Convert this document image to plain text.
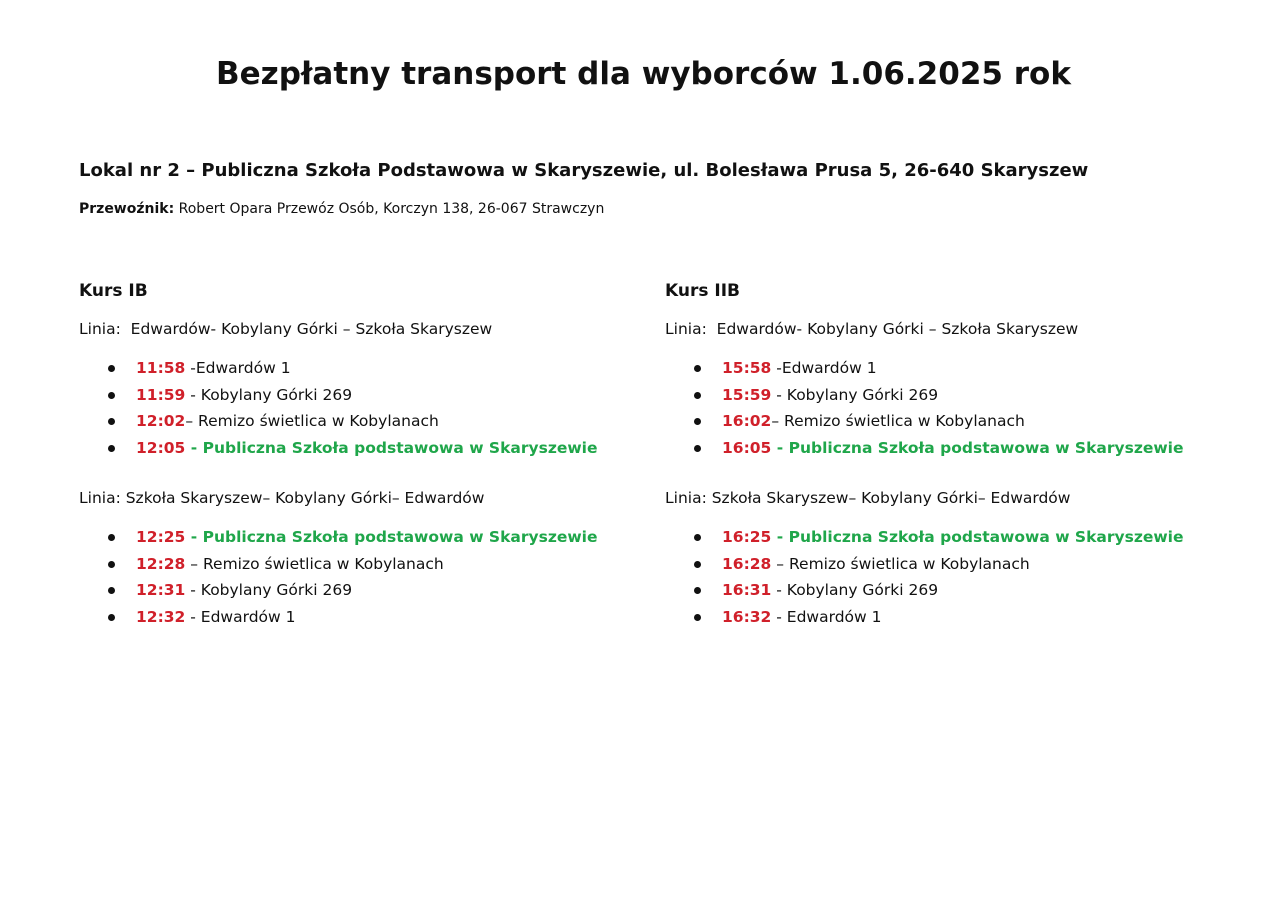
Bezpłatny transport dla wyborców 1.06.2025 rok
Lokal nr 2 – Publiczna Szkoła Podstawowa w Skaryszewie, ul. Bolesława Prusa 5, 26-640 Skaryszew

Przewoźnik: Robert Opara Przewóz Osób, Korczyn 138, 26-067 Strawczyn

Kurs IB

Linia:  Edwardów- Kobylany Górki – Szkoła Skaryszew

11:58 -Edwardów 1
11:59 - Kobylany Górki 269
12:02– Remizo świetlica w Kobylanach
12:05 - Publiczna Szkoła podstawowa w Skaryszewie

Linia: Szkoła Skaryszew– Kobylany Górki– Edwardów

12:25 - Publiczna Szkoła podstawowa w Skaryszewie
12:28 – Remizo świetlica w Kobylanach
12:31 - Kobylany Górki 269
12:32 - Edwardów 1
Kurs IIB

Linia:  Edwardów- Kobylany Górki – Szkoła Skaryszew

15:58 -Edwardów 1
15:59 - Kobylany Górki 269
16:02– Remizo świetlica w Kobylanach
16:05 - Publiczna Szkoła podstawowa w Skaryszewie

Linia: Szkoła Skaryszew– Kobylany Górki– Edwardów

16:25 - Publiczna Szkoła podstawowa w Skaryszewie
16:28 – Remizo świetlica w Kobylanach
16:31 - Kobylany Górki 269
16:32 - Edwardów 1
